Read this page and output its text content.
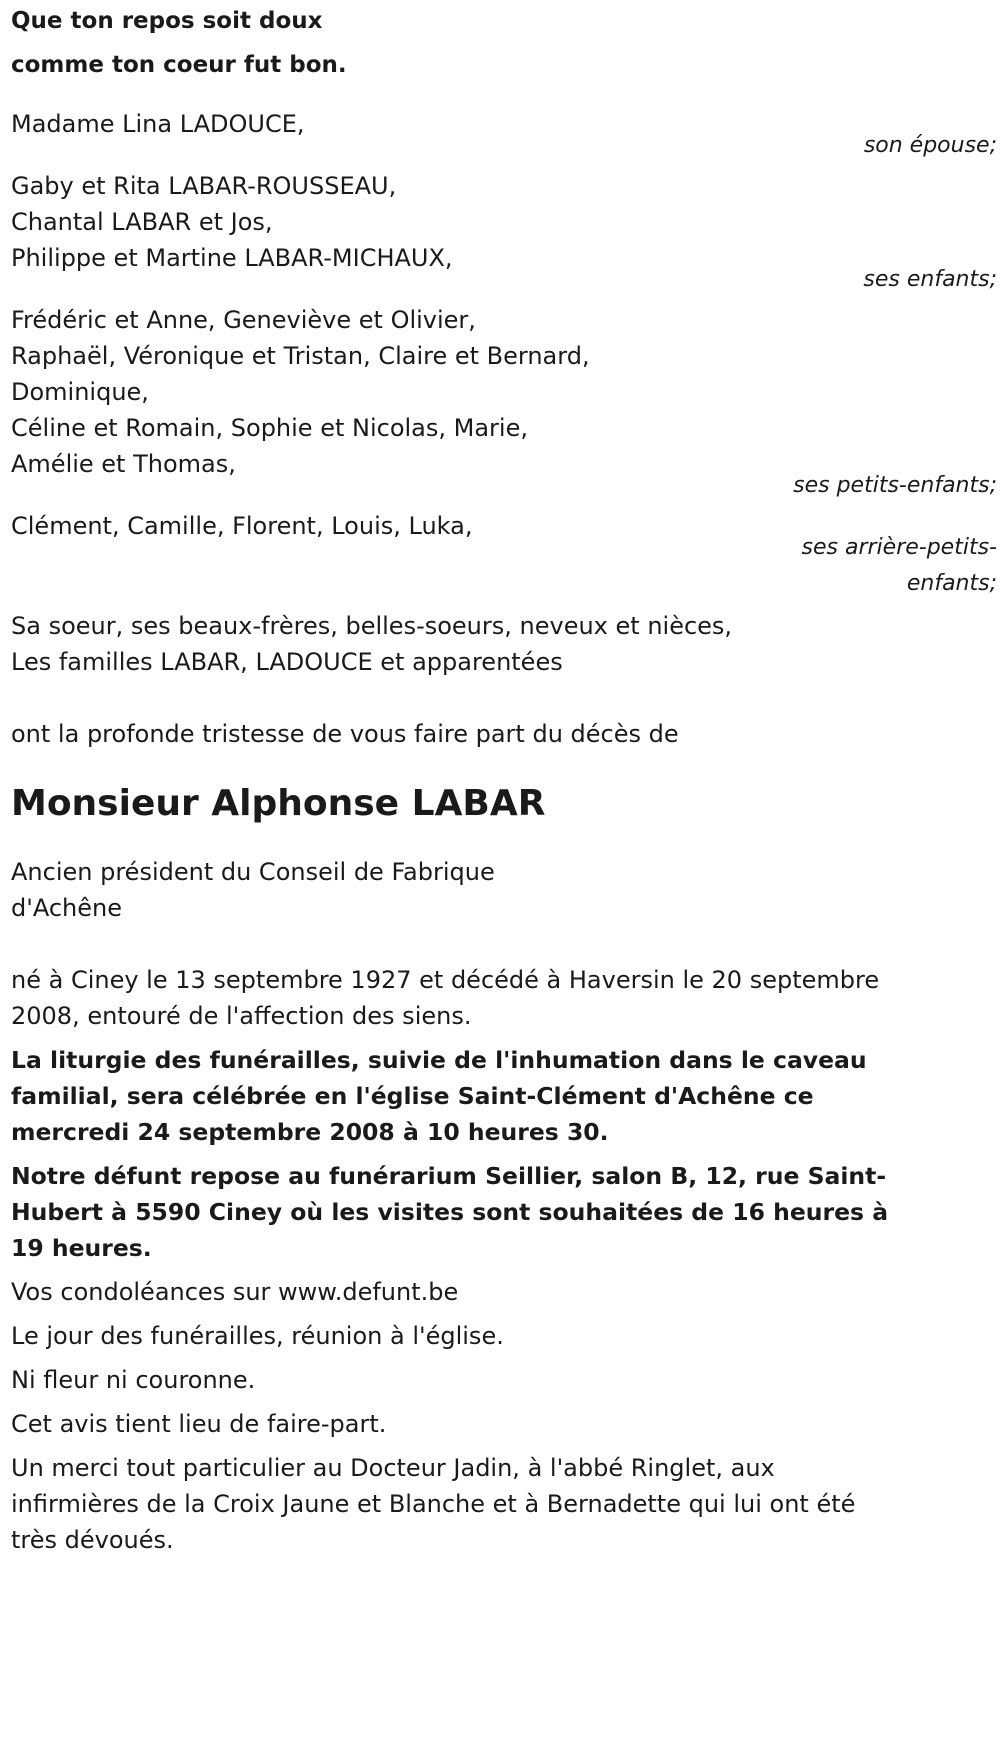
Que ton repos soit doux

comme ton coeur fut bon.

Madame Lina LADOUCE,

son épouse;

Gaby et Rita LABAR-ROUSSEAU,

Chantal LABAR et Jos,

Philippe et Martine LABAR-MICHAUX,

ses enfants;

Frédéric et Anne, Geneviève et Olivier,

Raphaël, Véronique et Tristan, Claire et Bernard,

Dominique,

Céline et Romain, Sophie et Nicolas, Marie,

Amélie et Thomas,

ses petits-enfants;

Clément, Camille, Florent, Louis, Luka,

ses arrière-petits-enfants;

Sa soeur, ses beaux-frères, belles-soeurs, neveux et nièces,

Les familles LABAR, LADOUCE et apparentées

ont la profonde tristesse de vous faire part du décès de

Monsieur Alphonse LABAR

Ancien président du Conseil de Fabrique

d'Achêne

né à Ciney le 13 septembre 1927 et décédé à Haversin le 20 septembre 2008, entouré de l'affection des siens.

La liturgie des funérailles, suivie de l'inhumation dans le caveau familial, sera célébrée en l'église Saint-Clément d'Achêne ce mercredi 24 septembre 2008 à 10 heures 30.

Notre défunt repose au funérarium Seillier, salon B, 12, rue Saint-Hubert à 5590 Ciney où les visites sont souhaitées de 16 heures à 19 heures.

Vos condoléances sur www.defunt.be

Le jour des funérailles, réunion à l'église.

Ni fleur ni couronne.

Cet avis tient lieu de faire-part.

Un merci tout particulier au Docteur Jadin, à l'abbé Ringlet, aux infirmières de la Croix Jaune et Blanche et à Bernadette qui lui ont été très dévoués.
